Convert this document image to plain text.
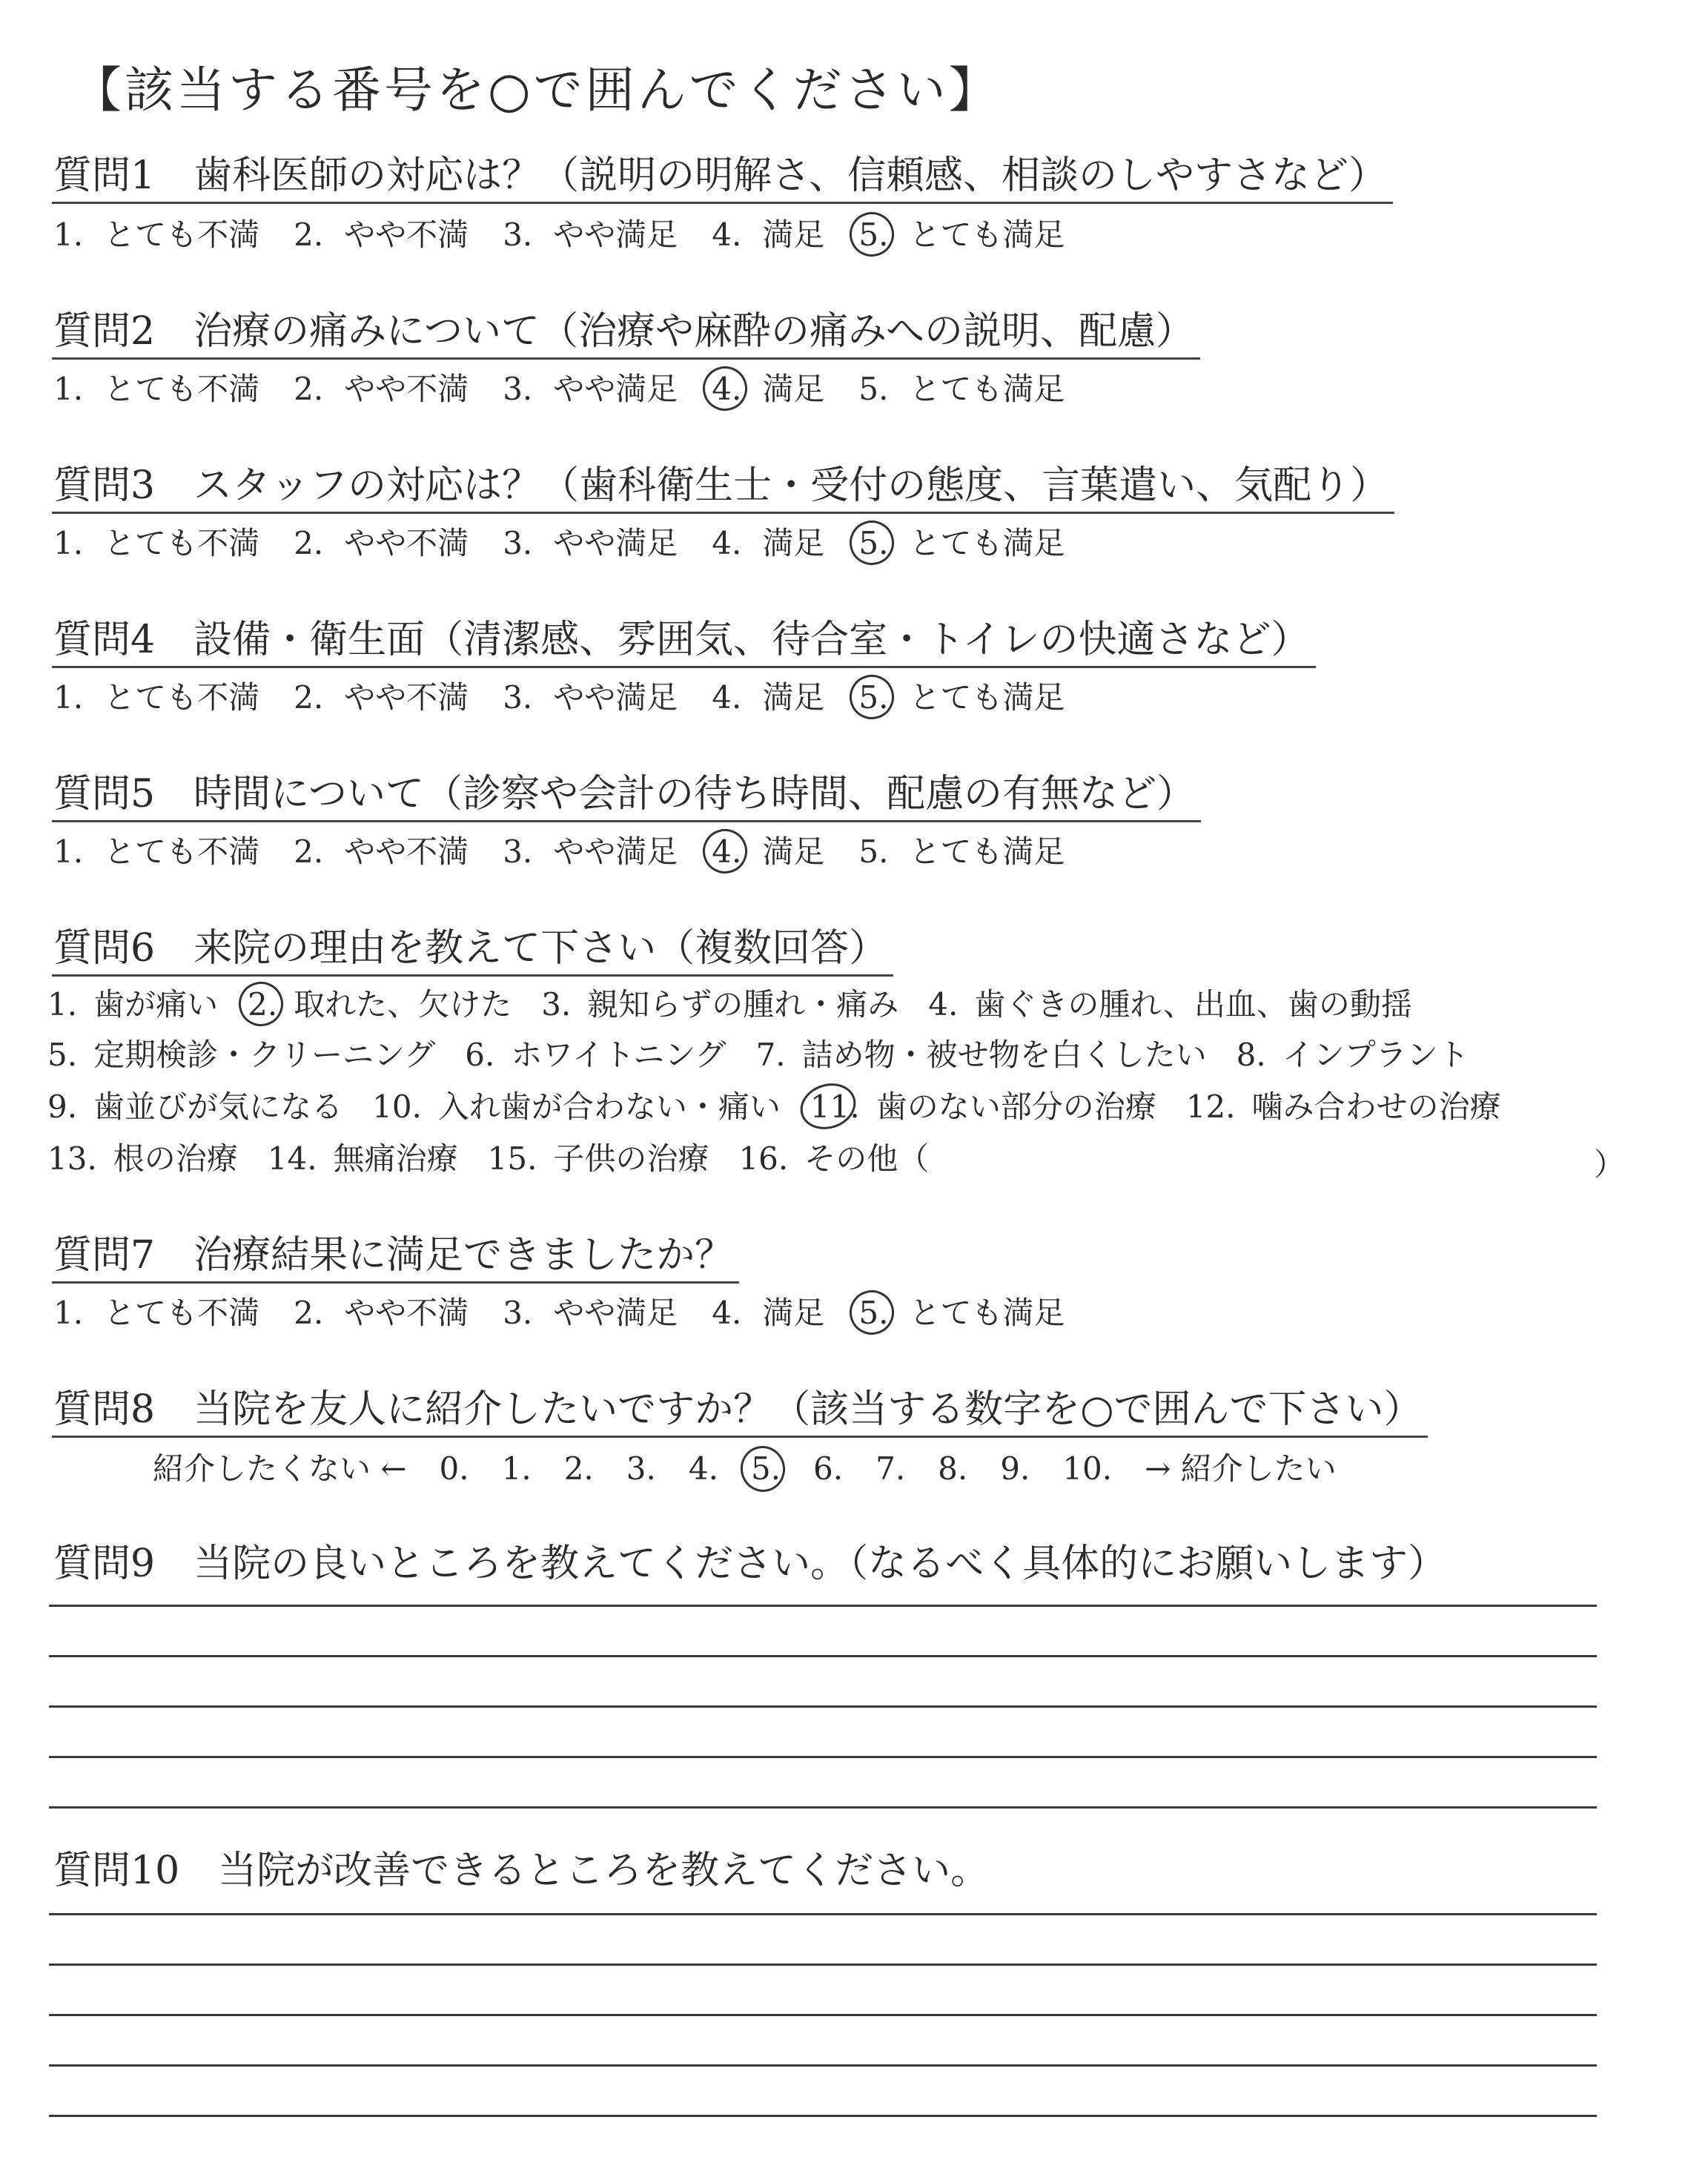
【該当する番号を○で囲んでください】
質問1　歯科医師の対応は？（説明の明解さ、信頼感、相談のしやすさなど）
1. とても不満 2. やや不満 3. やや満足 4. 満足 5. とても満足
質問2　治療の痛みについて（治療や麻酔の痛みへの説明、配慮）
1. とても不満 2. やや不満 3. やや満足 4. 満足 5. とても満足
質問3　スタッフの対応は？（歯科衛生士・受付の態度、言葉遣い、気配り）
1. とても不満 2. やや不満 3. やや満足 4. 満足 5. とても満足
質問4　設備・衛生面（清潔感、雰囲気、待合室・トイレの快適さなど）
1. とても不満 2. やや不満 3. やや満足 4. 満足 5. とても満足
質問5　時間について（診察や会計の待ち時間、配慮の有無など）
1. とても不満 2. やや不満 3. やや満足 4. 満足 5. とても満足
質問6　来院の理由を教えて下さい（複数回答）
1. 歯が痛い 2. 取れた、欠けた 3. 親知らずの腫れ・痛み 4. 歯ぐきの腫れ、出血、歯の動揺
5. 定期検診・クリーニング 6. ホワイトニング 7. 詰め物・被せ物を白くしたい 8. インプラント
9. 歯並びが気になる 10. 入れ歯が合わない・痛い 11. 歯のない部分の治療 12. 噛み合わせの治療
13. 根の治療 14. 無痛治療 15. 子供の治療 16. その他（	）
質問7　治療結果に満足できましたか？
1. とても不満 2. やや不満 3. やや満足 4. 満足 5. とても満足
質問8　当院を友人に紹介したいですか？（該当する数字を○で囲んで下さい）
紹介したくない ← 0. 1. 2. 3. 4. 5. 6. 7. 8. 9. 10. → 紹介したい
質問9　当院の良いところを教えてください。（なるべく具体的にお願いします）
質問10　当院が改善できるところを教えてください。
